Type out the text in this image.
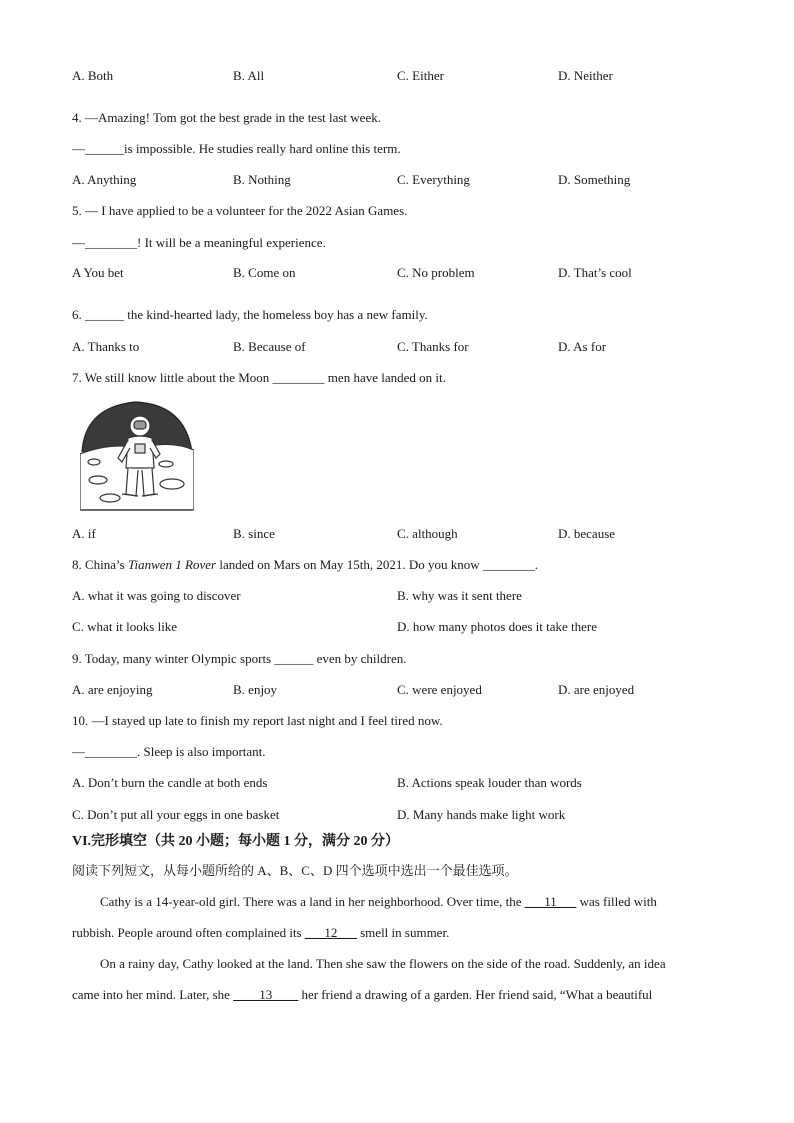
A. Both	B. All	C. Either	D. Neither
4. —Amazing! Tom got the best grade in the test last week.
—______is impossible. He studies really hard online this term.
A. Anything	B. Nothing	C. Everything	D. Something
5. — I have applied to be a volunteer for the 2022 Asian Games.
—________! It will be a meaningful experience.
A You bet	B. Come on	C. No problem	D. That’s cool
6. ______ the kind-hearted lady, the homeless boy has a new family.
A. Thanks to	B. Because of	C. Thanks for	D. As for
7. We still know little about the Moon ________ men have landed on it.
A. if	B. since	C. although	D. because
8. China’s Tianwen 1 Rover landed on Mars on May 15th, 2021. Do you know ________.
A. what it was going to discover	B. why was it sent there
C. what it looks like	D. how many photos does it take there
9. Today, many winter Olympic sports ______ even by children.
A. are enjoying	B. enjoy	C. were enjoyed	D. are enjoyed
10. —I stayed up late to finish my report last night and I feel tired now.
—________. Sleep is also important.
A. Don’t burn the candle at both ends	B. Actions speak louder than words
C. Don’t put all your eggs in one basket	D. Many hands make light work
VI.完形填空（共 20 小题；每小题 1 分，满分 20 分）
阅读下列短文，从每小题所给的 A、B、C、D 四个选项中选出一个最佳选项。
Cathy is a 14-year-old girl. There was a land in her neighborhood. Over time, the ___11___ was filled with
rubbish. People around often complained its ___12___ smell in summer.
On a rainy day, Cathy looked at the land. Then she saw the flowers on the side of the road. Suddenly, an idea
came into her mind. Later, she ____13____ her friend a drawing of a garden. Her friend said, “What a beautiful
